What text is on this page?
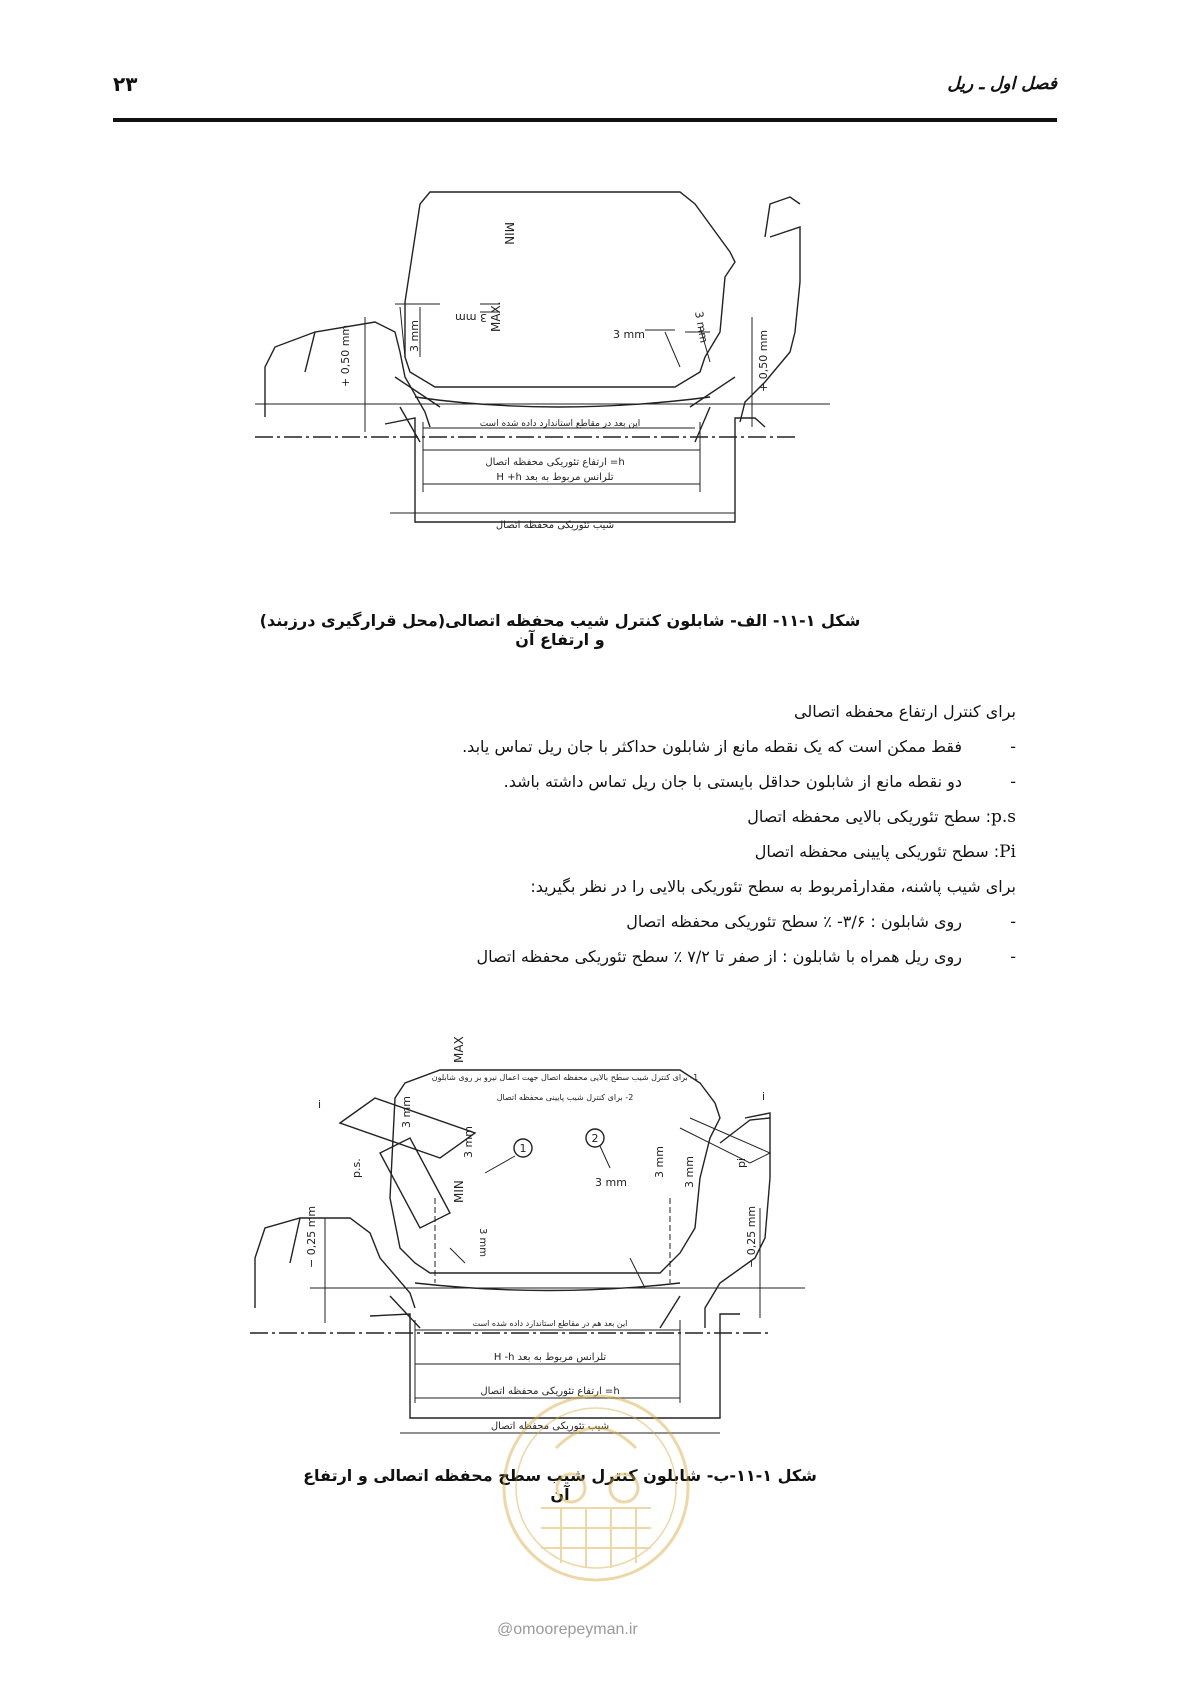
۲۳	فصل اول ـ ریل
MIN
MAX.
3 mm
3 mm	3 mm	3 mm
+ 0,50 mm	+ 0,50 mm
این بعد در مقاطع استاندارد داده شده است
h= ارتفاع تئوریکی محفظه اتصال
تلرانس مربوط به بعد H +h
شیب تئوریکی محفظه اتصال
شکل ۱-۱۱- الف- شابلون کنترل شیب محفظه اتصالی(محل قرارگیری درزبند) و ارتفاع آن
برای کنترل ارتفاع محفظه اتصالی
-
فقط ممکن است که یک نقطه مانع از شابلون حداکثر با جان ریل تماس یابد.
-
دو نقطه مانع از شابلون حداقل بایستی با جان ریل تماس داشته باشد.
p.s
: سطح تئوریکی بالایی محفظه اتصال
Pi
: سطح تئوریکی پایینی محفظه اتصال
برای شیب پاشنه، مقدار
i
مربوط به سطح تئوریکی بالایی را در نظر بگیرید:
-
روی شابلون : ۳/۶- ٪ سطح تئوریکی محفظه اتصال
-
روی ریل همراه با شابلون : از صفر تا ۷/۲ ٪ سطح تئوریکی محفظه اتصال
1
2
MAX
MIN
1- برای کنترل شیب سطح بالایی محفظه اتصال جهت اعمال نیرو بر روی شابلون
2- برای کنترل شیب پایینی محفظه اتصال
i
i
p.s.	pi
3 mm
3 mm
3 mm
3 mm 3 mm
3 mm
− 0,25 mm	− 0,25 mm
این بعد هم در مقاطع استاندارد داده شده است
تلرانس مربوط به بعد H -h
h= ارتفاع تئوریکی محفظه اتصال
شیب تئوریکی محفظه اتصال
شکل ۱-۱۱-ب- شابلون کنترل شیب سطح محفظه اتصالی و ارتفاع آن
@omoorepeyman.ir
